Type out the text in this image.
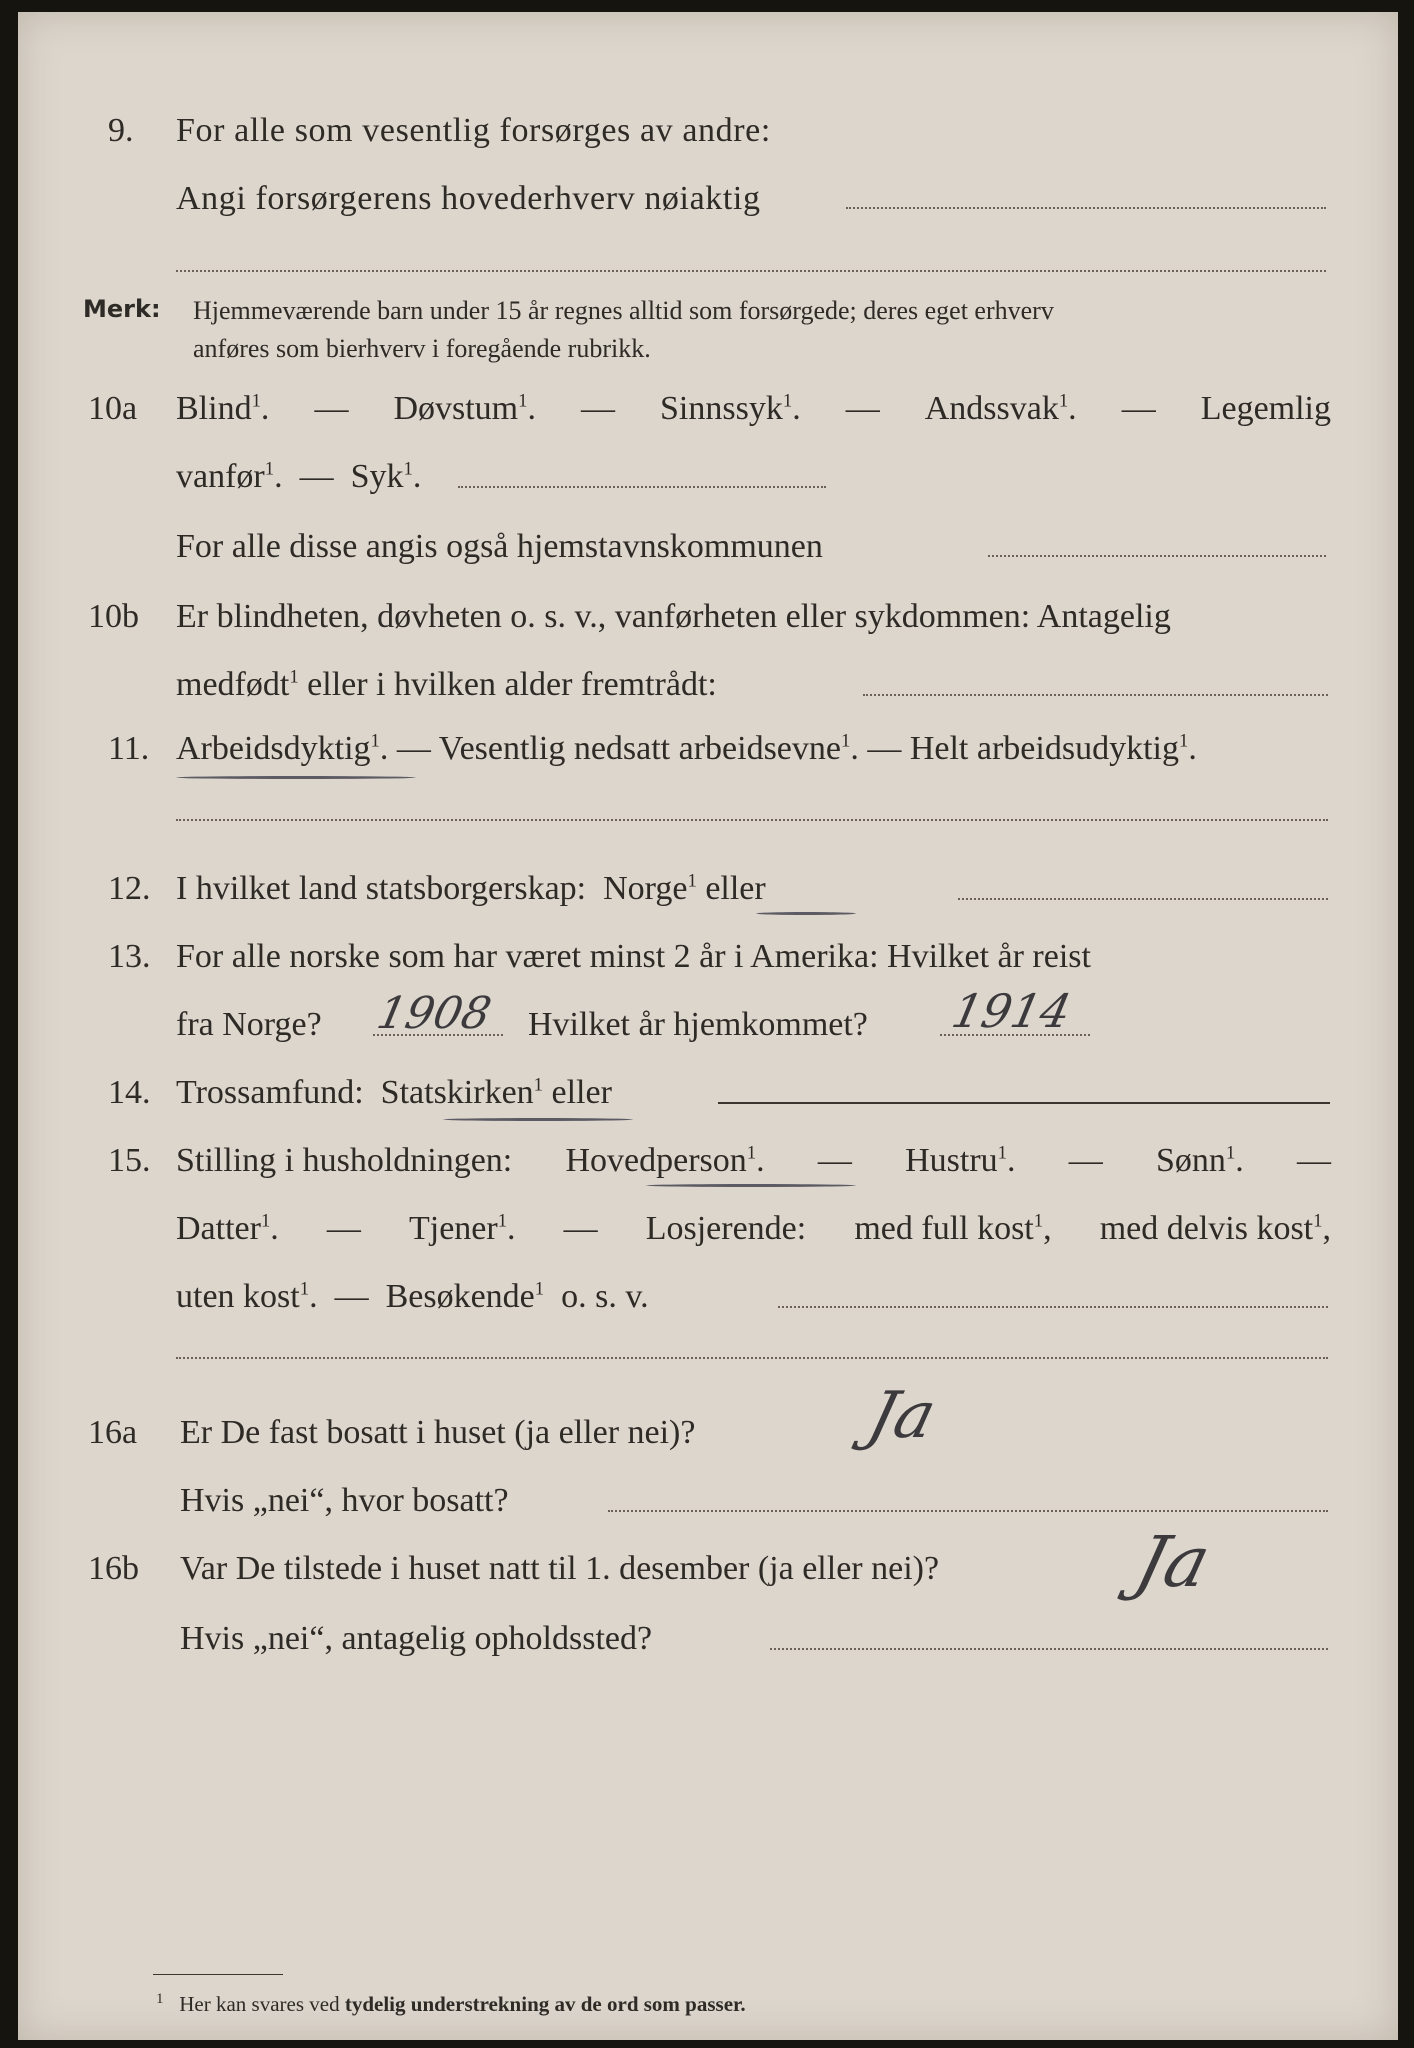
9. For alle som vesentlig forsørges av andre:
Angi forsørgerens hovederhverv nøiaktig
Merk: Hjemmeværende barn under 15 år regnes alltid som forsørgede; deres eget erhverv
anføres som bierhverv i foregående rubrikk.
10a Blind$^1$. — Døvstum$^1$. — Sinnssyk$^1$. — Andssvak$^1$. — Legemlig
vanfør$^1$.  —  Syk$^1$.
For alle disse angis også hjemstavnskommunen
10b Er blindheten, døvheten o. s. v., vanførheten eller sykdommen: Antagelig
medfødt$^1$ eller i hvilken alder fremtrådt:
11. Arbeidsdyktig$^1$. — Vesentlig nedsatt arbeidsevne$^1$. — Helt arbeidsudyktig$^1$.
12. I hvilket land statsborgerskap: Norge$^1$ eller
13. For alle norske som har været minst 2 år i Amerika: Hvilket år reist
fra Norge? 1908 Hvilket år hjemkommet? 1914
14. Trossamfund: Statskirken$^1$ eller
15. Stilling i husholdningen: Hovedperson$^1$. — Hustru$^1$. — Sønn$^1$. —
Datter$^1$. — Tjener$^1$. — Losjerende: med full kost$^1$, med delvis kost$^1$,
uten kost$^1$.  —  Besøkende$^1$ o. s. v.
16a Er De fast bosatt i huset (ja eller nei)?	Ja
Hvis „nei“, hvor bosatt?
16b Var De tilstede i huset natt til 1. desember (ja eller nei)?	Ja
Hvis „nei“, antagelig opholdssted?
$^1$ Her kan svares ved tydelig understrekning av de ord som passer.
